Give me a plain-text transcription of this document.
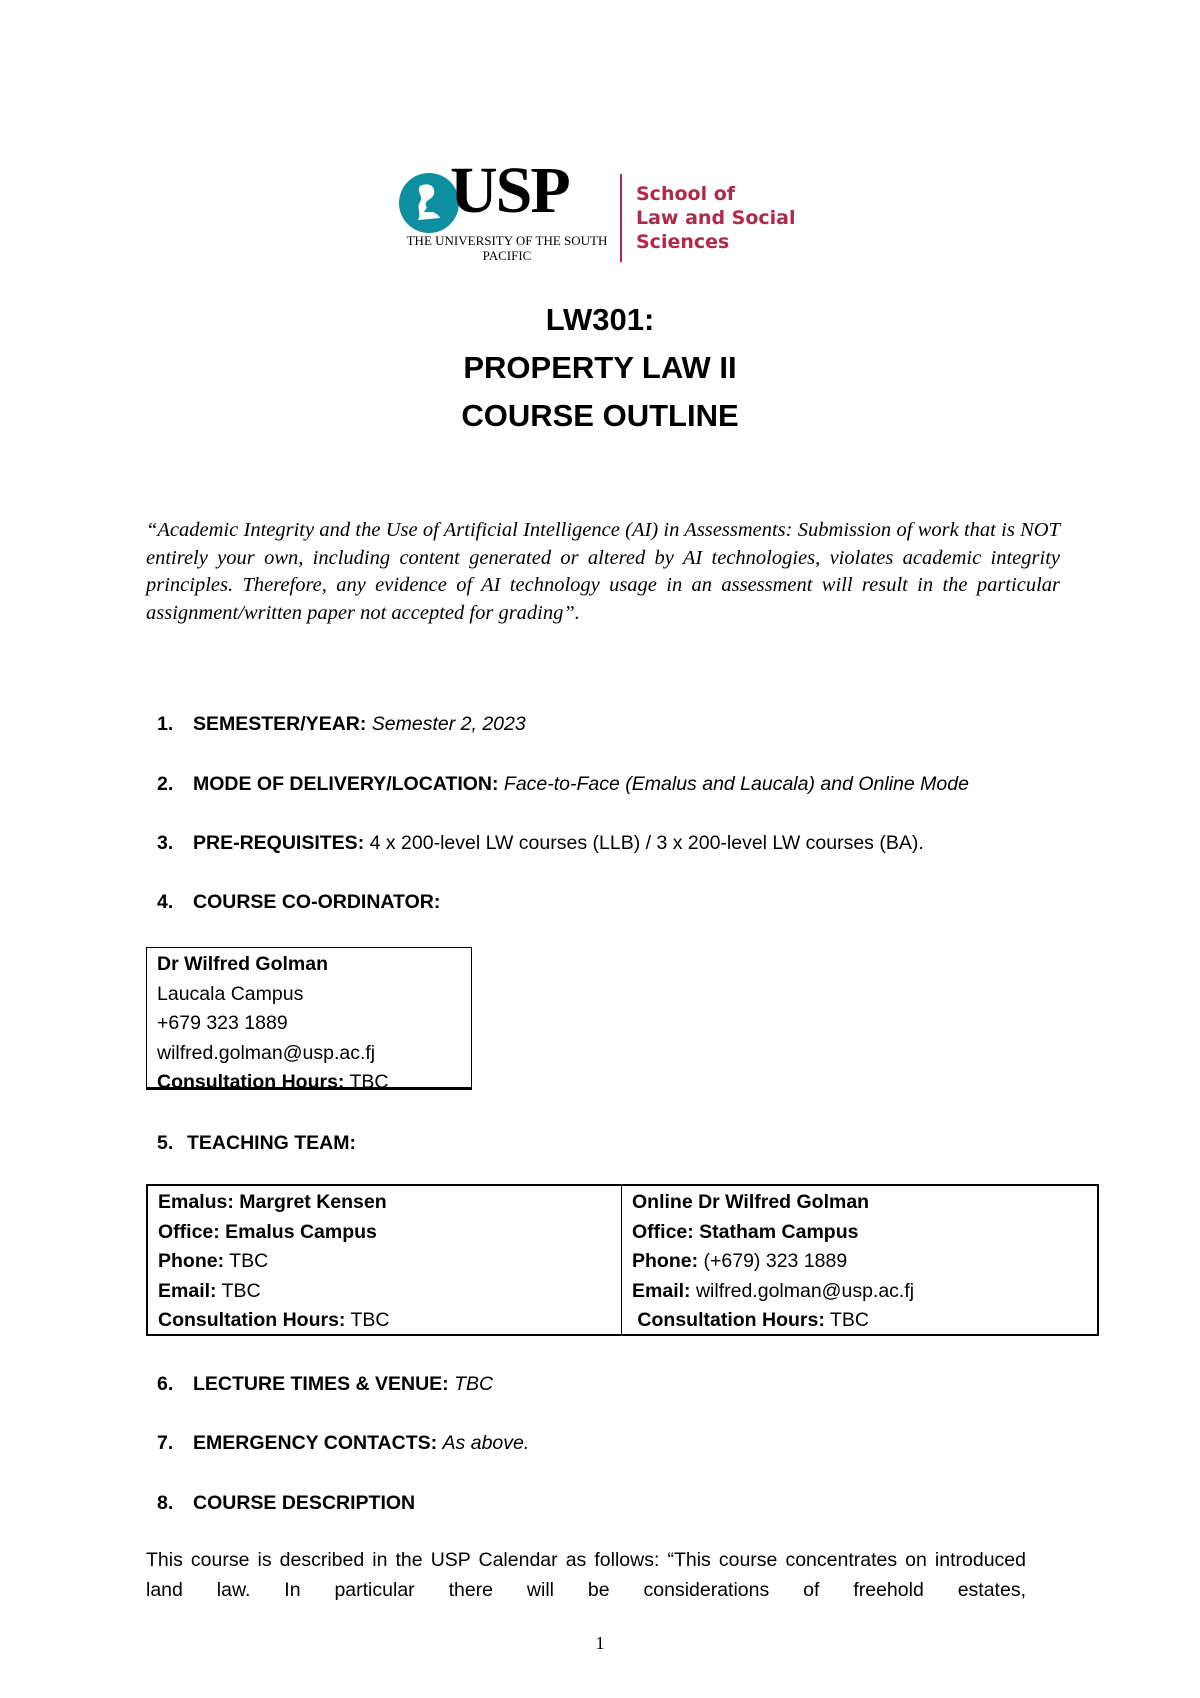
USP
THE UNIVERSITY OF THE SOUTH PACIFIC
School of
Law and Social
Sciences
LW301:
PROPERTY LAW II
COURSE OUTLINE
“Academic Integrity and the Use of Artificial Intelligence (AI) in Assessments: Submission of work that is NOT entirely your own, including content generated or altered by AI technologies, violates academic integrity principles. Therefore, any evidence of AI technology usage in an assessment will result in the particular assignment/written paper not accepted for grading”.
1. SEMESTER/YEAR: Semester 2, 2023
2. MODE OF DELIVERY/LOCATION: Face-to-Face (Emalus and Laucala) and Online Mode
3. PRE-REQUISITES: 4 x 200-level LW courses (LLB) / 3 x 200-level LW courses (BA).
4. COURSE CO-ORDINATOR:
Dr Wilfred Golman
Laucala Campus
+679 323 1889
wilfred.golman@usp.ac.fj
Consultation Hours: TBC
5. TEACHING TEAM:
Emalus: Margret Kensen
Office: Emalus Campus
Phone: TBC
Email: TBC
Consultation Hours: TBC
Online Dr Wilfred Golman
Office: Statham Campus
Phone: (+679) 323 1889
Email: wilfred.golman@usp.ac.fj
Consultation Hours: TBC
6. LECTURE TIMES & VENUE: TBC
7. EMERGENCY CONTACTS: As above.
8. COURSE DESCRIPTION
This course is described in the USP Calendar as follows: “This course concentrates on introduced land law. In particular there will be considerations of freehold estates,
1
